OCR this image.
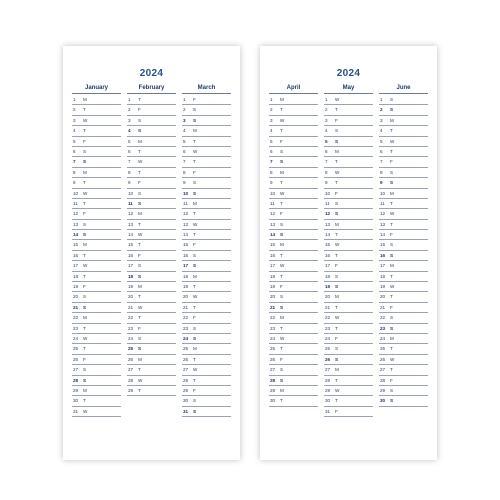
2024
January
1	M
2	T
3	W
4	T
5	F
6	S
7	S
8	M
9	T
10	W
11	T
12	F
13	S
14	S
15	M
16	T
17	W
18	T
19	F
20	S
21	S
22	M
23	T
24	W
25	T
26	F
27	S
28	S
29	M
30	T
31	W
February
1	T
2	F
3	S
4	S
5	M
6	T
7	W
8	T
9	F
10	S
11	S
12	M
13	T
14	W
15	T
16	F
17	S
18	S
19	M
20	T
21	W
22	T
23	F
24	S
25	S
26	M
27	T
28	W
29	T
March
1	F
2	S
3	S
4	M
5	T
6	W
7	T
8	F
9	S
10	S
11	M
12	T
13	W
14	T
15	F
16	S
17	S
18	M
19	T
20	W
21	T
22	F
23	S
24	S
25	M
26	T
27	W
28	T
29	F
30	S
31	S
2024
April
1	M
2	T
3	W
4	T
5	F
6	S
7	S
8	M
9	T
10	W
11	T
12	F
13	S
14	S
15	M
16	T
17	W
18	T
19	F
20	S
21	S
22	M
23	T
24	W
25	T
26	F
27	S
28	S
29	M
30	T
May
1	W
2	T
3	F
4	S
5	S
6	M
7	T
8	W
9	T
10	F
11	S
12	S
13	M
14	T
15	W
16	T
17	F
18	S
19	S
20	M
21	T
22	W
23	T
24	F
25	S
26	S
27	M
28	T
29	W
30	T
31	F
June
1	S
2	S
3	M
4	T
5	W
6	T
7	F
8	S
9	S
10	M
11	T
12	W
13	T
14	F
15	S
16	S
17	M
18	T
19	W
20	T
21	F
22	S
23	S
24	M
25	T
26	W
27	T
28	F
29	S
30	S
